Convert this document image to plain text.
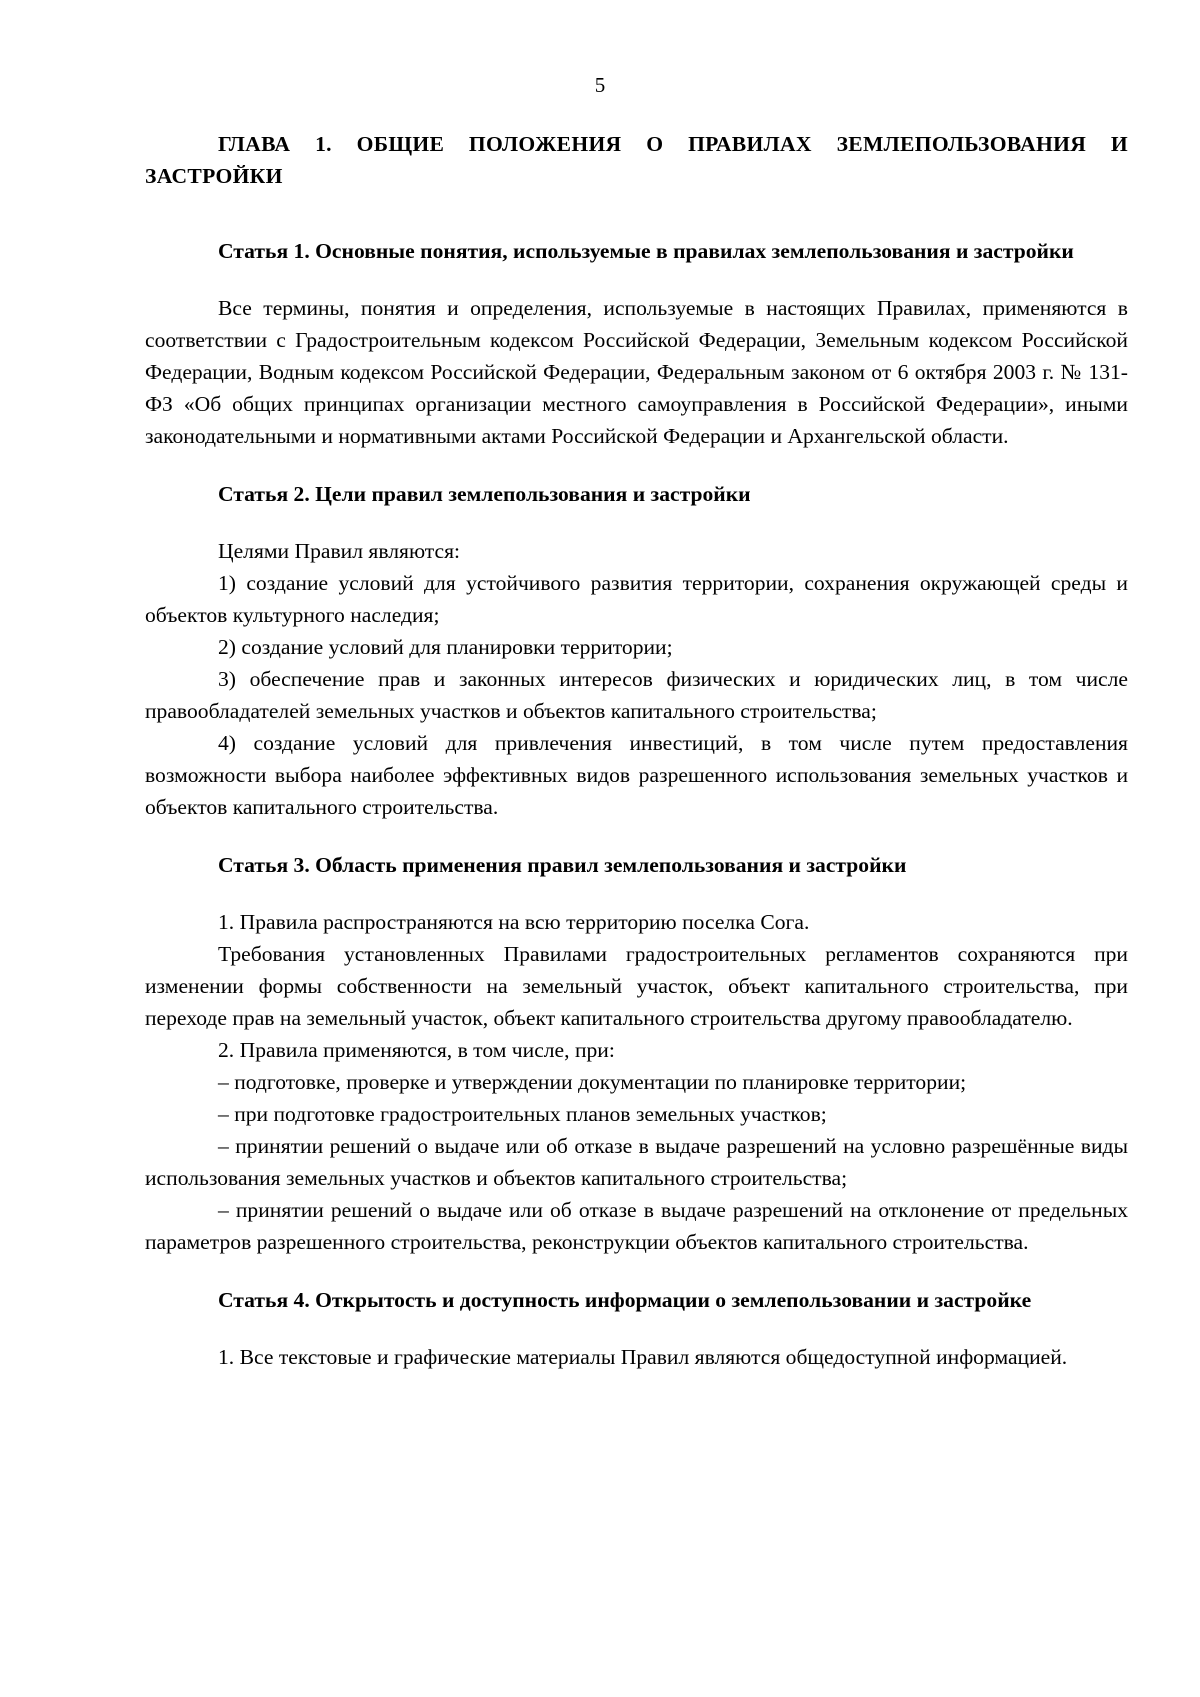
5
ГЛАВА 1. ОБЩИЕ ПОЛОЖЕНИЯ О ПРАВИЛАХ ЗЕМЛЕПОЛЬЗОВАНИЯ И ЗАСТРОЙКИ
Статья 1. Основные понятия, используемые в правилах землепользования и застройки

Все термины, понятия и определения, используемые в настоящих Правилах, применяются в соответствии с Градостроительным кодексом Российской Федерации, Земельным кодексом Российской Федерации, Водным кодексом Российской Федерации, Федеральным законом от 6 октября 2003 г. № 131-ФЗ «Об общих принципах организации местного самоуправления в Российской Федерации», иными законодательными и нормативными актами Российской Федерации и Архангельской области.

Статья 2. Цели правил землепользования и застройки

Целями Правил являются:

1) создание условий для устойчивого развития территории, сохранения окружающей среды и объектов культурного наследия;

2) создание условий для планировки территории;

3) обеспечение прав и законных интересов физических и юридических лиц, в том числе правообладателей земельных участков и объектов капитального строительства;

4) создание условий для привлечения инвестиций, в том числе путем предоставления возможности выбора наиболее эффективных видов разрешенного использования земельных участков и объектов капитального строительства.

Статья 3. Область применения правил землепользования и застройки

1. Правила распространяются на всю территорию поселка Сога.

Требования установленных Правилами градостроительных регламентов сохраняются при изменении формы собственности на земельный участок, объект капитального строительства, при переходе прав на земельный участок, объект капитального строительства другому правообладателю.

2. Правила применяются, в том числе, при:

‒ подготовке, проверке и утверждении документации по планировке территории;

‒ при подготовке градостроительных планов земельных участков;

‒ принятии решений о выдаче или об отказе в выдаче разрешений на условно разрешённые виды использования земельных участков и объектов капитального строительства;

‒ принятии решений о выдаче или об отказе в выдаче разрешений на отклонение от предельных параметров разрешенного строительства, реконструкции объектов капитального строительства.

Статья 4. Открытость и доступность информации о землепользовании и застройке

1. Все текстовые и графические материалы Правил являются общедоступной информацией.
